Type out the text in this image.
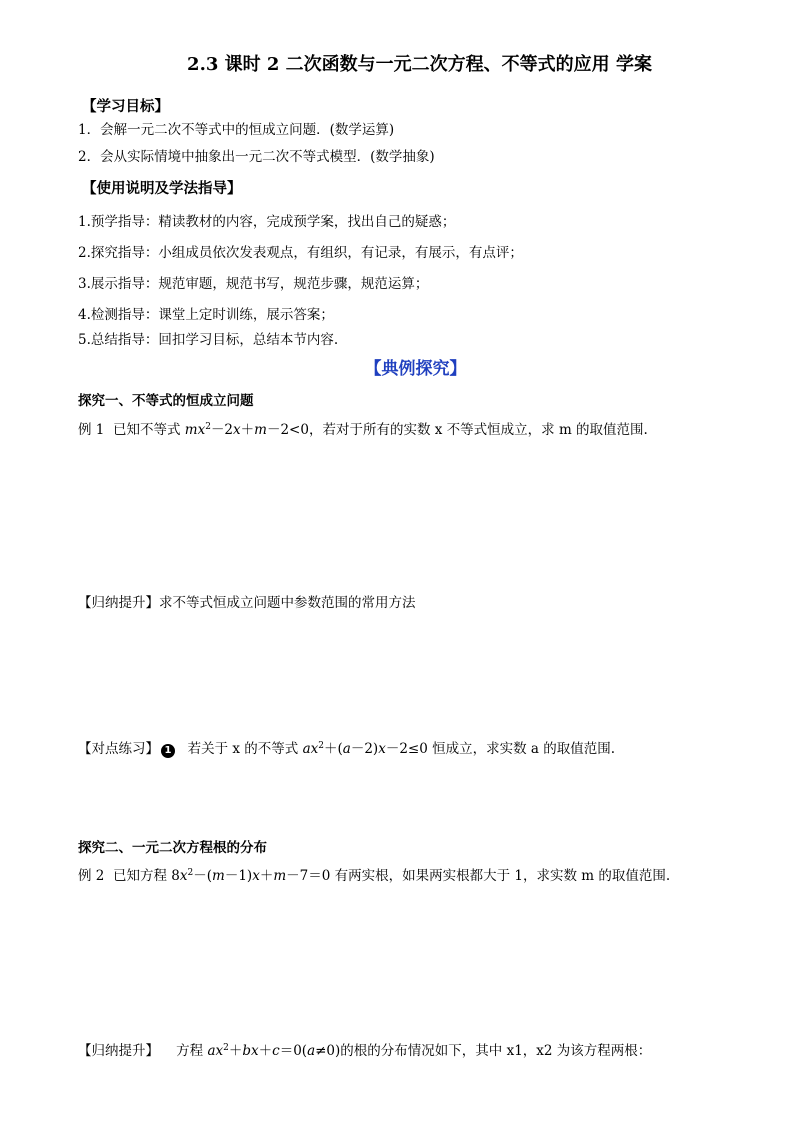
2.3 课时 2 二次函数与一元二次方程、不等式的应用 学案
【学习目标】
1．会解一元二次不等式中的恒成立问题．(数学运算)
2．会从实际情境中抽象出一元二次不等式模型．(数学抽象)
【使用说明及学法指导】
1.预学指导：精读教材的内容，完成预学案，找出自己的疑惑；
2.探究指导：小组成员依次发表观点，有组织，有记录，有展示，有点评；
3.展示指导：规范审题，规范书写，规范步骤，规范运算；
4.检测指导：课堂上定时训练，展示答案；
5.总结指导：回扣学习目标，总结本节内容.
【典例探究】
探究一、不等式的恒成立问题
例 1 已知不等式 $mx^2-2x+m-2<0$，若对于所有的实数 x 不等式恒成立，求 m 的取值范围.
【归纳提升】求不等式恒成立问题中参数范围的常用方法
【对点练习】 1 若关于 x 的不等式 $ax^2+(a-2)x-2\le 0$ 恒成立，求实数 a 的取值范围.
探究二、一元二次方程根的分布
例 2 已知方程 $8x^2-(m-1)x+m-7=0$ 有两实根，如果两实根都大于 1，求实数 m 的取值范围.
【归纳提升】 方程 $ax^2+bx+c=0(a\ne 0)$的根的分布情况如下，其中 x1，x2 为该方程两根：
